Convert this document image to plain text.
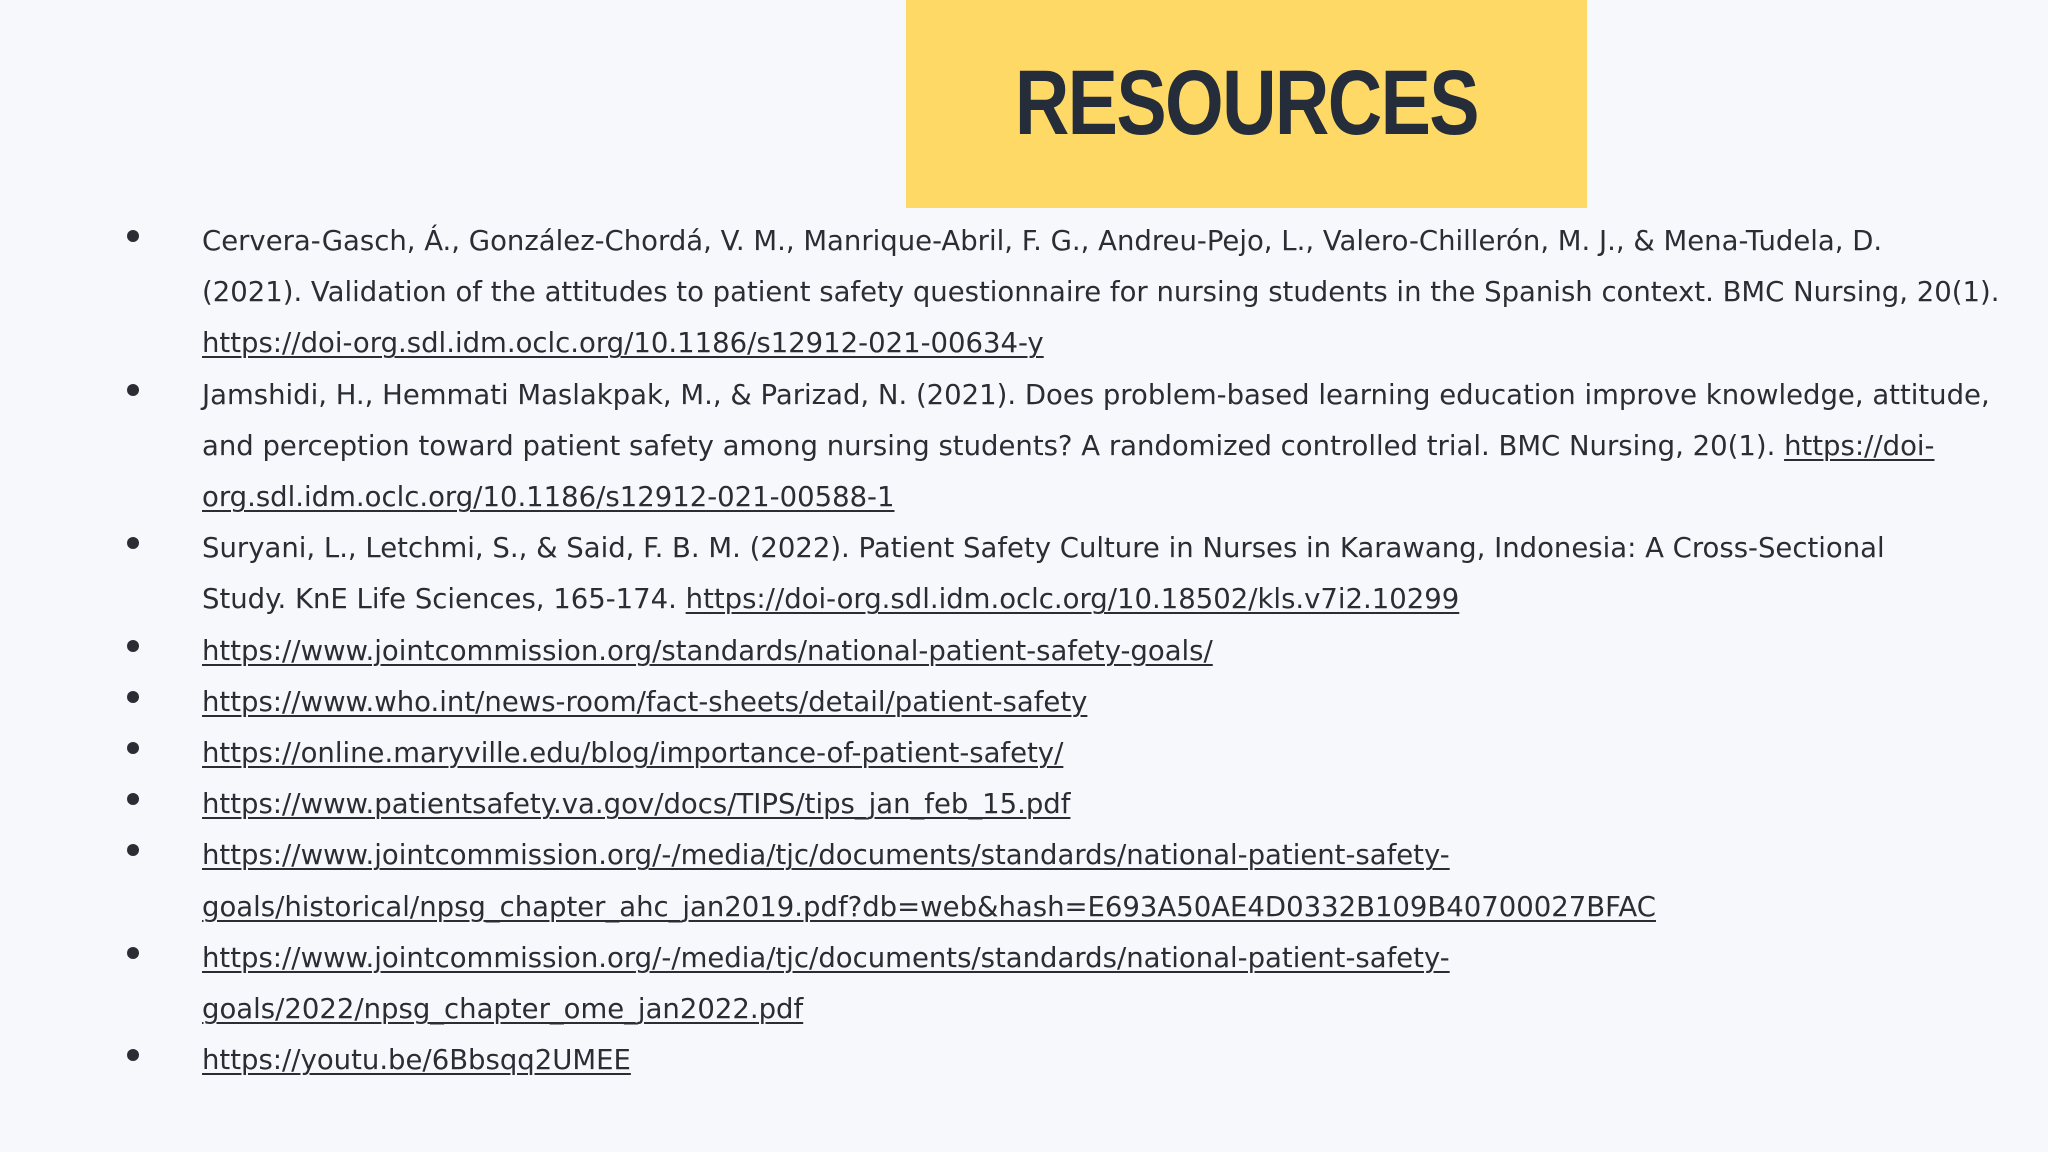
RESOURCES
Cervera-Gasch, Á., González-Chordá, V. M., Manrique-Abril, F. G., Andreu-Pejo, L., Valero-Chillerón, M. J., & Mena-Tudela, D.
(2021). Validation of the attitudes to patient safety questionnaire for nursing students in the Spanish context. BMC Nursing, 20(1).
https://doi-org.sdl.idm.oclc.org/10.1186/s12912-021-00634-y
Jamshidi, H., Hemmati Maslakpak, M., & Parizad, N. (2021). Does problem-based learning education improve knowledge, attitude,
and perception toward patient safety among nursing students? A randomized controlled trial. BMC Nursing, 20(1). https://doi-
org.sdl.idm.oclc.org/10.1186/s12912-021-00588-1
Suryani, L., Letchmi, S., & Said, F. B. M. (2022). Patient Safety Culture in Nurses in Karawang, Indonesia: A Cross-Sectional
Study. KnE Life Sciences, 165-174. https://doi-org.sdl.idm.oclc.org/10.18502/kls.v7i2.10299
https://www.jointcommission.org/standards/national-patient-safety-goals/
https://www.who.int/news-room/fact-sheets/detail/patient-safety
https://online.maryville.edu/blog/importance-of-patient-safety/
https://www.patientsafety.va.gov/docs/TIPS/tips_jan_feb_15.pdf
https://www.jointcommission.org/-/media/tjc/documents/standards/national-patient-safety-
goals/historical/npsg_chapter_ahc_jan2019.pdf?db=web&hash=E693A50AE4D0332B109B40700027BFAC
https://www.jointcommission.org/-/media/tjc/documents/standards/national-patient-safety-
goals/2022/npsg_chapter_ome_jan2022.pdf
https://youtu.be/6Bbsqq2UMEE
